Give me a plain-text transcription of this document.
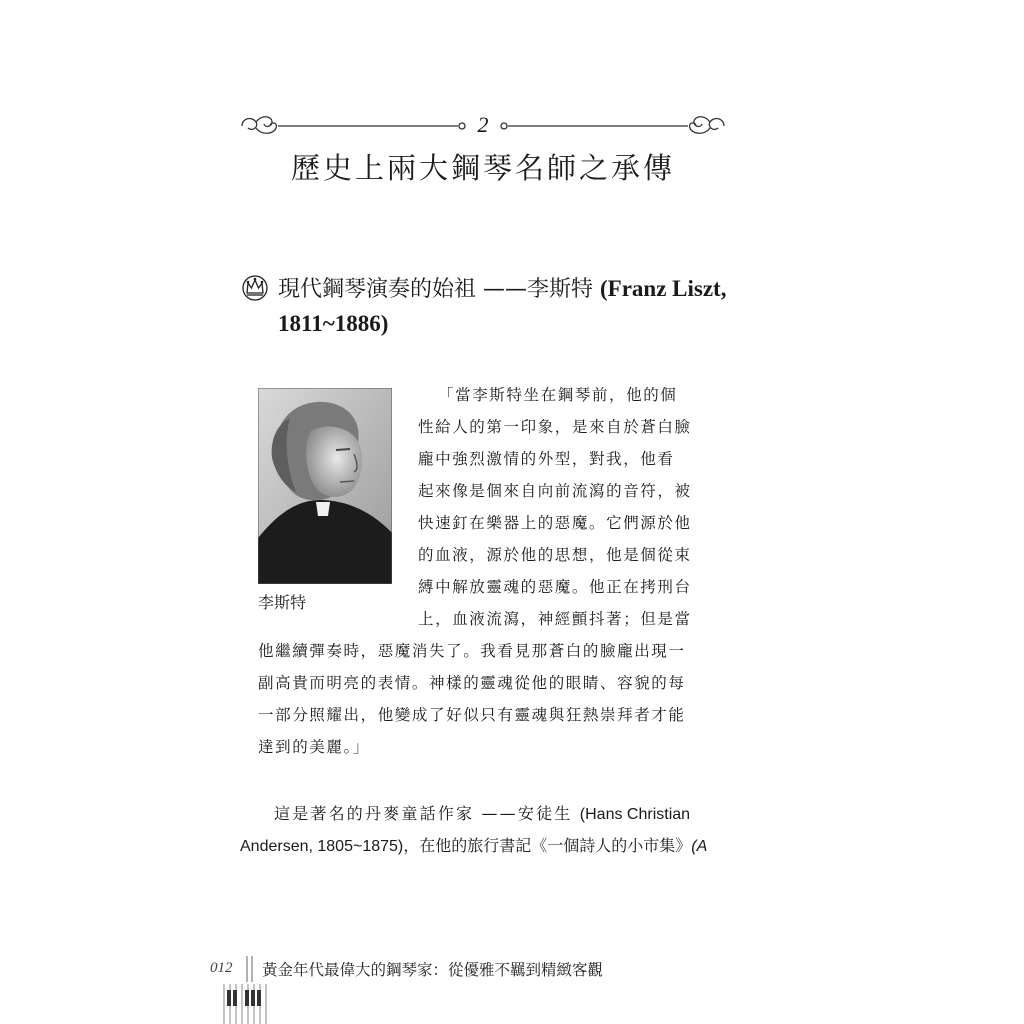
2
歷史上兩大鋼琴名師之承傳
現代鋼琴演奏的始祖 ——李斯特 (Franz Liszt,
1811~1886)
李斯特
「當李斯特坐在鋼琴前，他的個
性給人的第一印象，是來自於蒼白臉
龐中強烈激情的外型，對我，他看
起來像是個來自向前流瀉的音符，被
快速釘在樂器上的惡魔。它們源於他
的血液，源於他的思想，他是個從束
縛中解放靈魂的惡魔。他正在拷刑台
上，血液流瀉，神經顫抖著；但是當
他繼續彈奏時，惡魔消失了。我看見那蒼白的臉龐出現一
副高貴而明亮的表情。神樣的靈魂從他的眼睛、容貌的每
一部分照耀出，他變成了好似只有靈魂與狂熱崇拜者才能
達到的美麗。」
這是著名的丹麥童話作家 ——安徒生 (Hans Christian
Andersen, 1805~1875)，在他的旅行書記《一個詩人的小市集》(A
012 黃金年代最偉大的鋼琴家：從優雅不羈到精緻客觀
